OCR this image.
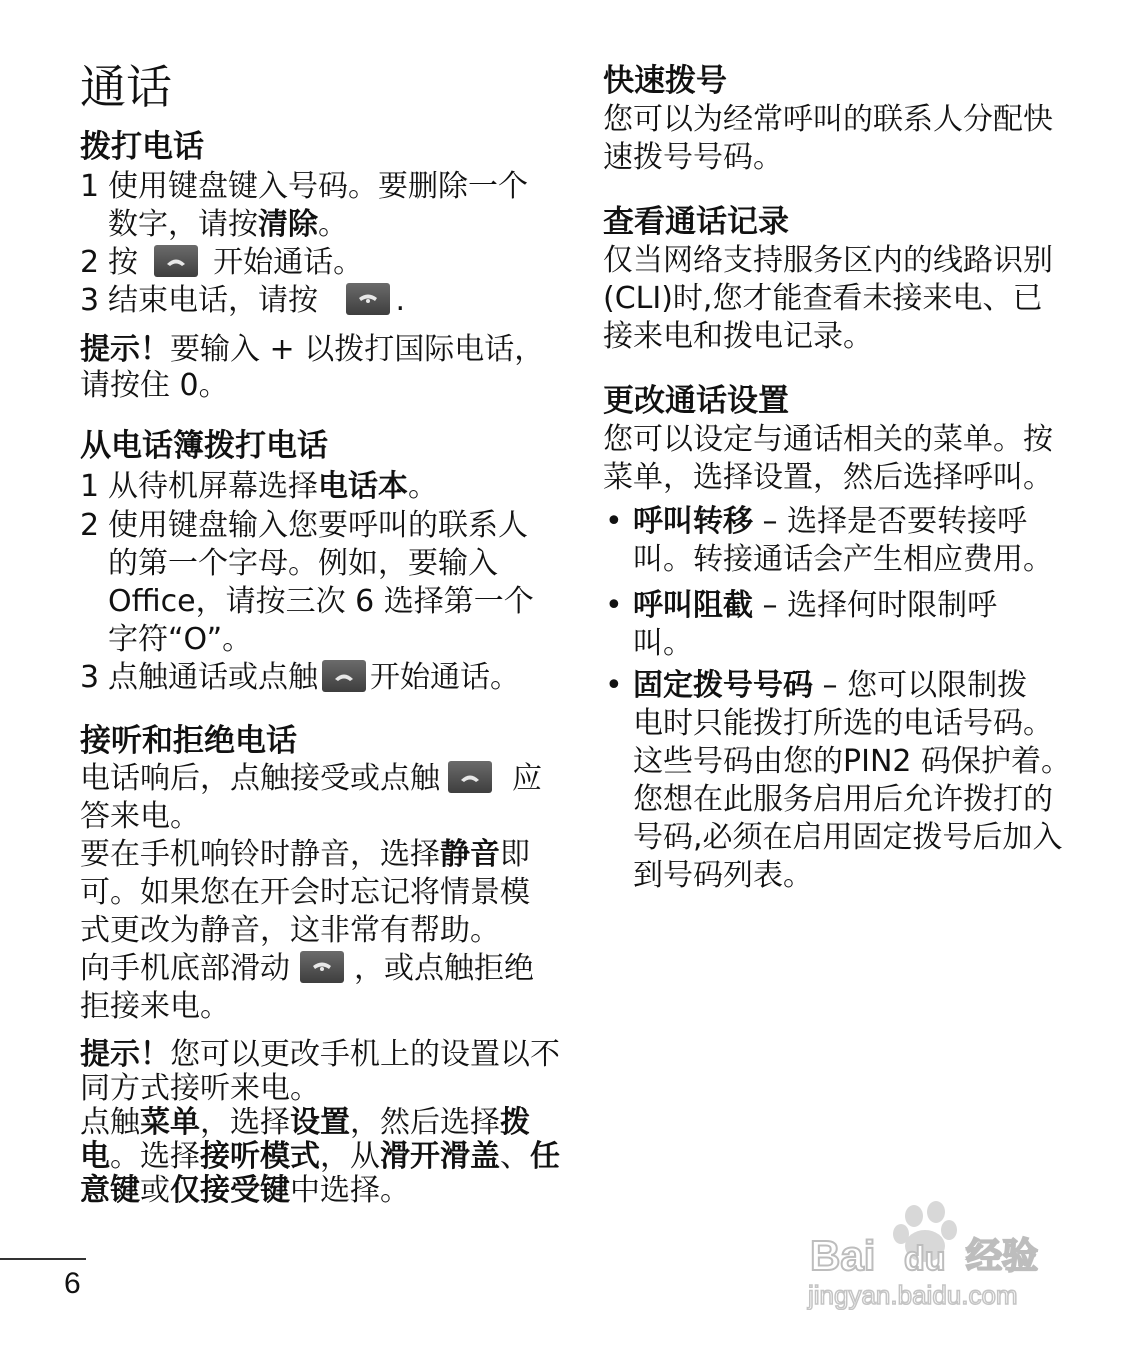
通话
拨打电话
1 使用键盘键入号码。要删除一个

数字，请按清除。

2 按	开始通话。

3 结束电话，请按	.

提示！要输入 + 以拨打国际电话，

请按住 0。

从电话簿拨打电话
1 从待机屏幕选择电话本。

2 使用键盘输入您要呼叫的联系人

的第一个字母。例如，要输入

Office，请按三次 6 选择第一个

字符“O”。

3 点触通话或点触 开始通话。

接听和拒绝电话

电话响后，点触接受或点触 应

答来电。

要在手机响铃时静音，选择静音即

可。如果您在开会时忘记将情景模

式更改为静音，这非常有帮助。

向手机底部滑动 ，或点触拒绝

拒接来电。

提示！您可以更改手机上的设置以不

同方式接听来电。

点触菜单，选择设置，然后选择拨

电。选择接听模式，从滑开滑盖、任

意键或仅接受键中选择。

快速拨号

您可以为经常呼叫的联系人分配快

速拨号号码。

查看通话记录

仅当网络支持服务区内的线路识别

(CLI)时,您才能查看未接来电、已

接来电和拨电记录。

更改通话设置

您可以设定与通话相关的菜单。按

菜单，选择设置，然后选择呼叫。

• 呼叫转移 – 选择是否要转接呼

叫。转接通话会产生相应费用。

• 呼叫阻截 – 选择何时限制呼

叫。

• 固定拨号号码 – 您可以限制拨

电时只能拨打所选的电话号码。

这些号码由您的PIN2 码保护着。

您想在此服务启用后允许拨打的

号码,必须在启用固定拨号后加入

到号码列表。

6
Bai du 经验
jingyan.baidu.com
